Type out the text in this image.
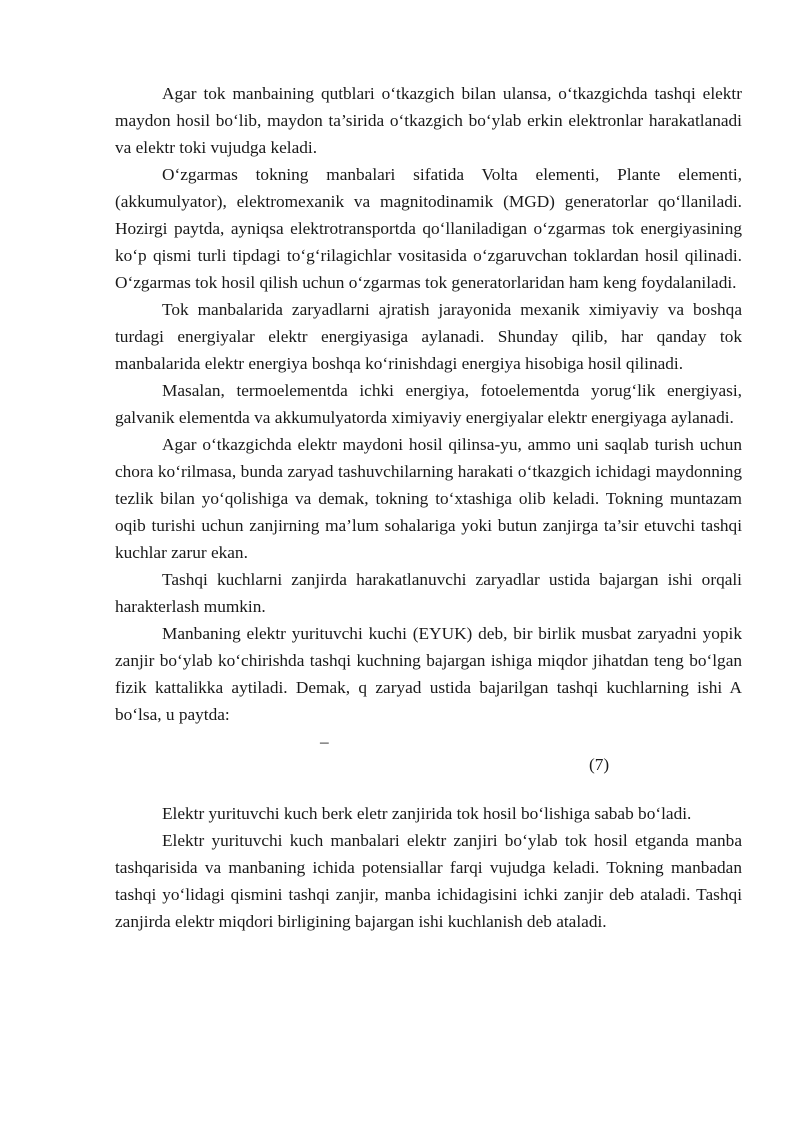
Agar tok manbaining qutblari o‘tkazgich bilan ulansa, o‘tkazgichda tashqi elektr maydon hosil bo‘lib, maydon ta’sirida o‘tkazgich bo‘ylab erkin elektronlar harakatlanadi va elektr toki vujudga keladi.

O‘zgarmas tokning manbalari sifatida Volta elementi, Plante elementi, (akkumulyator), elektromexanik va magnitodinamik (MGD) generatorlar qo‘llaniladi. Hozirgi paytda, ayniqsa elektrotransportda qo‘llaniladigan o‘zgarmas tok energiyasining ko‘p qismi turli tipdagi to‘g‘rilagichlar vositasida o‘zgaruvchan toklardan hosil qilinadi. O‘zgarmas tok hosil qilish uchun o‘zgarmas tok generatorlaridan ham keng foydalaniladi.

Tok manbalarida zaryadlarni ajratish jarayonida mexanik ximiyaviy va boshqa turdagi energiyalar elektr energiyasiga aylanadi. Shunday qilib, har qanday tok manbalarida elektr energiya boshqa ko‘rinishdagi energiya hisobiga hosil qilinadi.

Masalan, termoelementda ichki energiya, fotoelementda yorug‘lik energiyasi, galvanik elementda va akkumulyatorda ximiyaviy energiyalar elektr energiyaga aylanadi.

Agar o‘tkazgichda elektr maydoni hosil qilinsa-yu, ammo uni saqlab turish uchun chora ko‘rilmasa, bunda zaryad tashuvchilarning harakati o‘tkazgich ichidagi maydonning tezlik bilan yo‘qolishiga va demak, tokning to‘xtashiga olib keladi. Tokning muntazam oqib turishi uchun zanjirning ma’lum sohalariga yoki butun zanjirga ta’sir etuvchi tashqi kuchlar zarur ekan.

Tashqi kuchlarni zanjirda harakatlanuvchi zaryadlar ustida bajargan ishi orqali harakterlash mumkin.

Manbaning elektr yurituvchi kuchi (EYUK) deb, bir birlik musbat zaryadni yopik zanjir bo‘ylab ko‘chirishda tashqi kuchning bajargan ishiga miqdor jihatdan teng bo‘lgan fizik kattalikka aytiladi. Demak, q zaryad ustida bajarilgan tashqi kuchlarning ishi A bo‘lsa, u paytda:

–
(7)

Elektr yurituvchi kuch berk eletr zanjirida tok hosil bo‘lishiga sabab bo‘ladi.

Elektr yurituvchi kuch manbalari elektr zanjiri bo‘ylab tok hosil etganda manba tashqarisida va manbaning ichida potensiallar farqi vujudga keladi. Tokning manbadan tashqi yo‘lidagi qismini tashqi zanjir, manba ichidagisini ichki zanjir deb ataladi. Tashqi zanjirda elektr miqdori birligining bajargan ishi kuchlanish deb ataladi.
